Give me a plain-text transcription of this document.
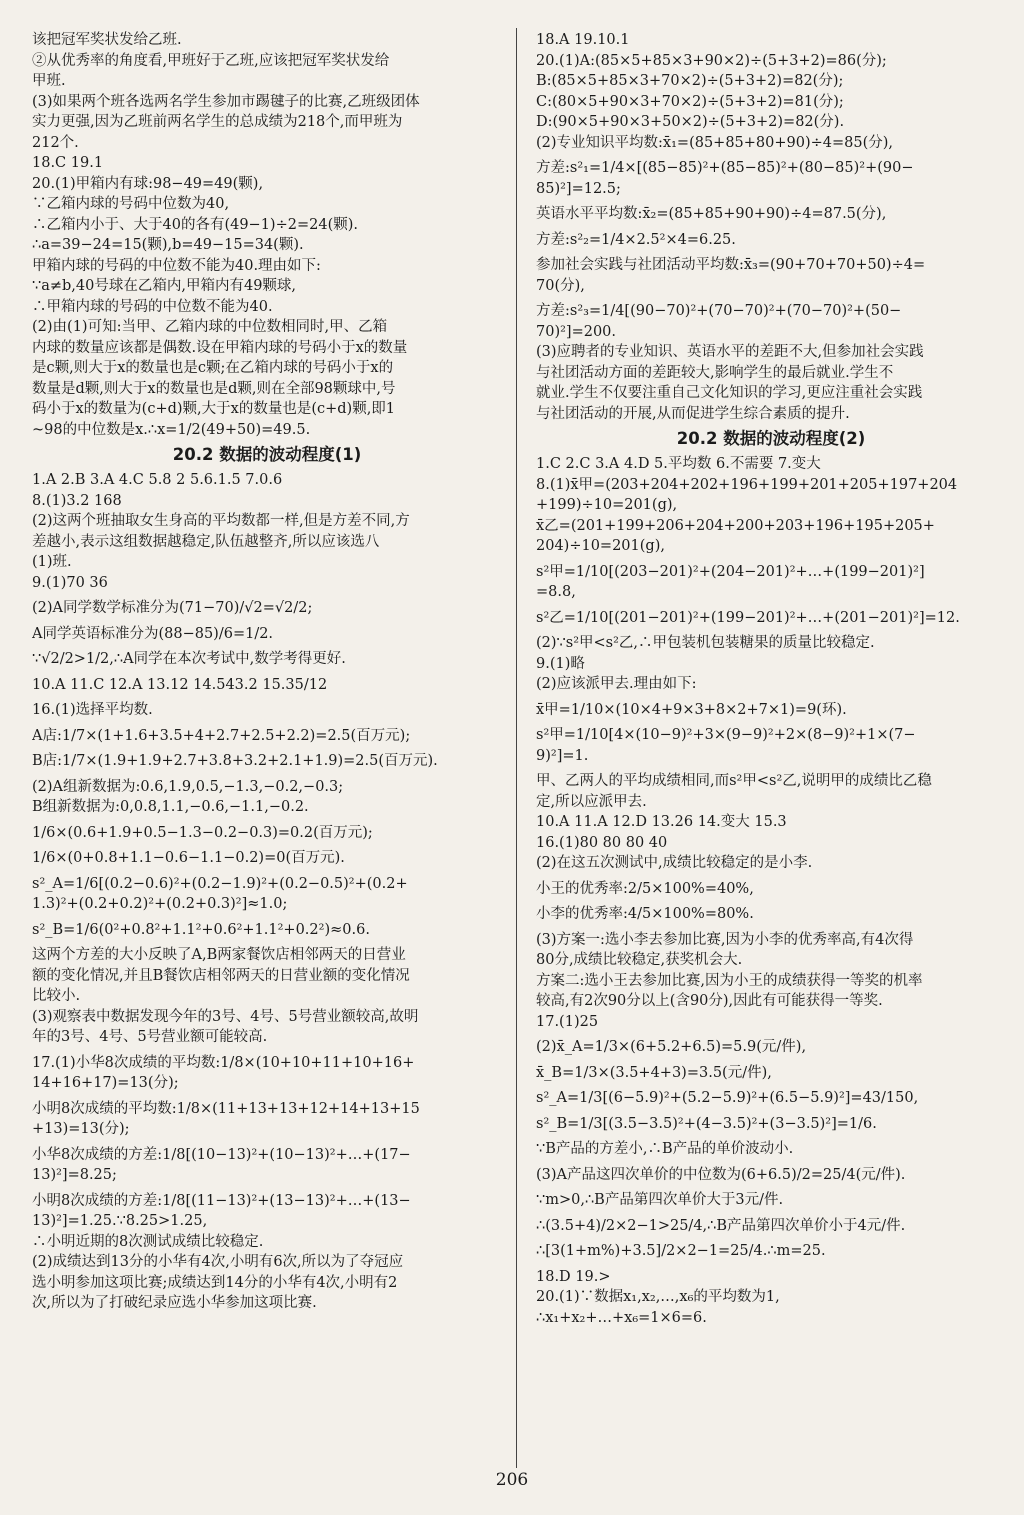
该把冠军奖状发给乙班.
②从优秀率的角度看,甲班好于乙班,应该把冠军奖状发给
甲班.
(3)如果两个班各选两名学生参加市踢毽子的比赛,乙班级团体
实力更强,因为乙班前两名学生的总成绩为218个,而甲班为
212个.
18.C 19.1
20.(1)甲箱内有球:98−49=49(颗),
∵乙箱内球的号码中位数为40,
∴乙箱内小于、大于40的各有(49−1)÷2=24(颗).
∴a=39−24=15(颗),b=49−15=34(颗).
甲箱内球的号码的中位数不能为40.理由如下:
∵a≠b,40号球在乙箱内,甲箱内有49颗球,
∴甲箱内球的号码的中位数不能为40.
(2)由(1)可知:当甲、乙箱内球的中位数相同时,甲、乙箱
内球的数量应该都是偶数.设在甲箱内球的号码小于x的数量
是c颗,则大于x的数量也是c颗;在乙箱内球的号码小于x的
数量是d颗,则大于x的数量也是d颗,则在全部98颗球中,号
码小于x的数量为(c+d)颗,大于x的数量也是(c+d)颗,即1
~98的中位数是x.∴x=1/2(49+50)=49.5.
20.2 数据的波动程度(1)
1.A 2.B 3.A 4.C 5.8 2 5.6.1.5 7.0.6
8.(1)3.2 168
(2)这两个班抽取女生身高的平均数都一样,但是方差不同,方
差越小,表示这组数据越稳定,队伍越整齐,所以应该选八
(1)班.
9.(1)70 36
(2)A同学数学标准分为(71−70)/√2=√2/2;
A同学英语标准分为(88−85)/6=1/2.
∵√2/2>1/2,∴A同学在本次考试中,数学考得更好.
10.A 11.C 12.A 13.12 14.543.2 15.35/12
16.(1)选择平均数.
A店:1/7×(1+1.6+3.5+4+2.7+2.5+2.2)=2.5(百万元);
B店:1/7×(1.9+1.9+2.7+3.8+3.2+2.1+1.9)=2.5(百万元).
(2)A组新数据为:0.6,1.9,0.5,−1.3,−0.2,−0.3;
B组新数据为:0,0.8,1.1,−0.6,−1.1,−0.2.
1/6×(0.6+1.9+0.5−1.3−0.2−0.3)=0.2(百万元);
1/6×(0+0.8+1.1−0.6−1.1−0.2)=0(百万元).
s²_A=1/6[(0.2−0.6)²+(0.2−1.9)²+(0.2−0.5)²+(0.2+
1.3)²+(0.2+0.2)²+(0.2+0.3)²]≈1.0;
s²_B=1/6(0²+0.8²+1.1²+0.6²+1.1²+0.2²)≈0.6.
这两个方差的大小反映了A,B两家餐饮店相邻两天的日营业
额的变化情况,并且B餐饮店相邻两天的日营业额的变化情况
比较小.
(3)观察表中数据发现今年的3号、4号、5号营业额较高,故明
年的3号、4号、5号营业额可能较高.
17.(1)小华8次成绩的平均数:1/8×(10+10+11+10+16+
14+16+17)=13(分);
小明8次成绩的平均数:1/8×(11+13+13+12+14+13+15
+13)=13(分);
小华8次成绩的方差:1/8[(10−13)²+(10−13)²+…+(17−
13)²]=8.25;
小明8次成绩的方差:1/8[(11−13)²+(13−13)²+…+(13−
13)²]=1.25.∵8.25>1.25,
∴小明近期的8次测试成绩比较稳定.
(2)成绩达到13分的小华有4次,小明有6次,所以为了夺冠应
选小明参加这项比赛;成绩达到14分的小华有4次,小明有2
次,所以为了打破纪录应选小华参加这项比赛.
18.A 19.10.1
20.(1)A:(85×5+85×3+90×2)÷(5+3+2)=86(分);
B:(85×5+85×3+70×2)÷(5+3+2)=82(分);
C:(80×5+90×3+70×2)÷(5+3+2)=81(分);
D:(90×5+90×3+50×2)÷(5+3+2)=82(分).
(2)专业知识平均数:x̄₁=(85+85+80+90)÷4=85(分),
方差:s²₁=1/4×[(85−85)²+(85−85)²+(80−85)²+(90−
85)²]=12.5;
英语水平平均数:x̄₂=(85+85+90+90)÷4=87.5(分),
方差:s²₂=1/4×2.5²×4=6.25.
参加社会实践与社团活动平均数:x̄₃=(90+70+70+50)÷4=
70(分),
方差:s²₃=1/4[(90−70)²+(70−70)²+(70−70)²+(50−
70)²]=200.
(3)应聘者的专业知识、英语水平的差距不大,但参加社会实践
与社团活动方面的差距较大,影响学生的最后就业.学生不
就业.学生不仅要注重自己文化知识的学习,更应注重社会实践
与社团活动的开展,从而促进学生综合素质的提升.
20.2 数据的波动程度(2)
1.C 2.C 3.A 4.D 5.平均数 6.不需要 7.变大
8.(1)x̄甲=(203+204+202+196+199+201+205+197+204
+199)÷10=201(g),
x̄乙=(201+199+206+204+200+203+196+195+205+
204)÷10=201(g),
s²甲=1/10[(203−201)²+(204−201)²+…+(199−201)²]
=8.8,
s²乙=1/10[(201−201)²+(199−201)²+…+(201−201)²]=12.
(2)∵s²甲<s²乙,∴甲包装机包装糖果的质量比较稳定.
9.(1)略
(2)应该派甲去.理由如下:
x̄甲=1/10×(10×4+9×3+8×2+7×1)=9(环).
s²甲=1/10[4×(10−9)²+3×(9−9)²+2×(8−9)²+1×(7−
9)²]=1.
甲、乙两人的平均成绩相同,而s²甲<s²乙,说明甲的成绩比乙稳
定,所以应派甲去.
10.A 11.A 12.D 13.26 14.变大 15.3
16.(1)80 80 80 40
(2)在这五次测试中,成绩比较稳定的是小李.
小王的优秀率:2/5×100%=40%,
小李的优秀率:4/5×100%=80%.
(3)方案一:选小李去参加比赛,因为小李的优秀率高,有4次得
80分,成绩比较稳定,获奖机会大.
方案二:选小王去参加比赛,因为小王的成绩获得一等奖的机率
较高,有2次90分以上(含90分),因此有可能获得一等奖.
17.(1)25
(2)x̄_A=1/3×(6+5.2+6.5)=5.9(元/件),
x̄_B=1/3×(3.5+4+3)=3.5(元/件),
s²_A=1/3[(6−5.9)²+(5.2−5.9)²+(6.5−5.9)²]=43/150,
s²_B=1/3[(3.5−3.5)²+(4−3.5)²+(3−3.5)²]=1/6.
∵B产品的方差小,∴B产品的单价波动小.
(3)A产品这四次单价的中位数为(6+6.5)/2=25/4(元/件).
∵m>0,∴B产品第四次单价大于3元/件.
∴(3.5+4)/2×2−1>25/4,∴B产品第四次单价小于4元/件.
∴[3(1+m%)+3.5]/2×2−1=25/4.∴m=25.
18.D 19.>
20.(1)∵数据x₁,x₂,…,x₆的平均数为1,
∴x₁+x₂+…+x₆=1×6=6.
206
